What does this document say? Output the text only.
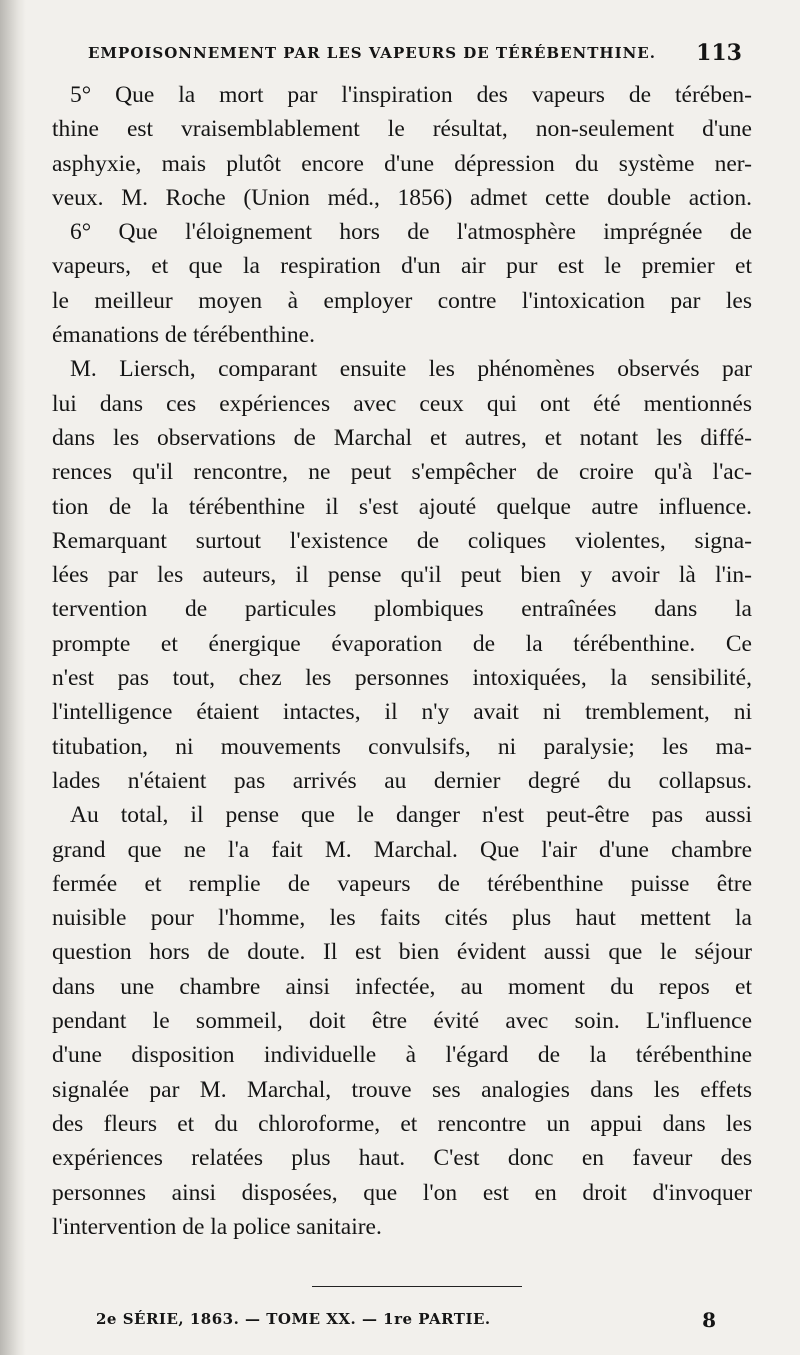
EMPOISONNEMENT PAR LES VAPEURS DE TÉRÉBENTHINE. 113
5° Que la mort par l'inspiration des vapeurs de térében-
thine est vraisemblablement le résultat, non-seulement d'une
asphyxie, mais plutôt encore d'une dépression du système ner-
veux. M. Roche (Union méd., 1856) admet cette double action.
6° Que l'éloignement hors de l'atmosphère imprégnée de
vapeurs, et que la respiration d'un air pur est le premier et
le meilleur moyen à employer contre l'intoxication par les
émanations de térébenthine.
M. Liersch, comparant ensuite les phénomènes observés par
lui dans ces expériences avec ceux qui ont été mentionnés
dans les observations de Marchal et autres, et notant les diffé-
rences qu'il rencontre, ne peut s'empêcher de croire qu'à l'ac-
tion de la térébenthine il s'est ajouté quelque autre influence.
Remarquant surtout l'existence de coliques violentes, signa-
lées par les auteurs, il pense qu'il peut bien y avoir là l'in-
tervention de particules plombiques entraînées dans la
prompte et énergique évaporation de la térébenthine. Ce
n'est pas tout, chez les personnes intoxiquées, la sensibilité,
l'intelligence étaient intactes, il n'y avait ni tremblement, ni
titubation, ni mouvements convulsifs, ni paralysie; les ma-
lades n'étaient pas arrivés au dernier degré du collapsus.
Au total, il pense que le danger n'est peut-être pas aussi
grand que ne l'a fait M. Marchal. Que l'air d'une chambre
fermée et remplie de vapeurs de térébenthine puisse être
nuisible pour l'homme, les faits cités plus haut mettent la
question hors de doute. Il est bien évident aussi que le séjour
dans une chambre ainsi infectée, au moment du repos et
pendant le sommeil, doit être évité avec soin. L'influence
d'une disposition individuelle à l'égard de la térébenthine
signalée par M. Marchal, trouve ses analogies dans les effets
des fleurs et du chloroforme, et rencontre un appui dans les
expériences relatées plus haut. C'est donc en faveur des
personnes ainsi disposées, que l'on est en droit d'invoquer
l'intervention de la police sanitaire.
2e SÉRIE, 1863. — TOME XX. — 1re PARTIE.	8
